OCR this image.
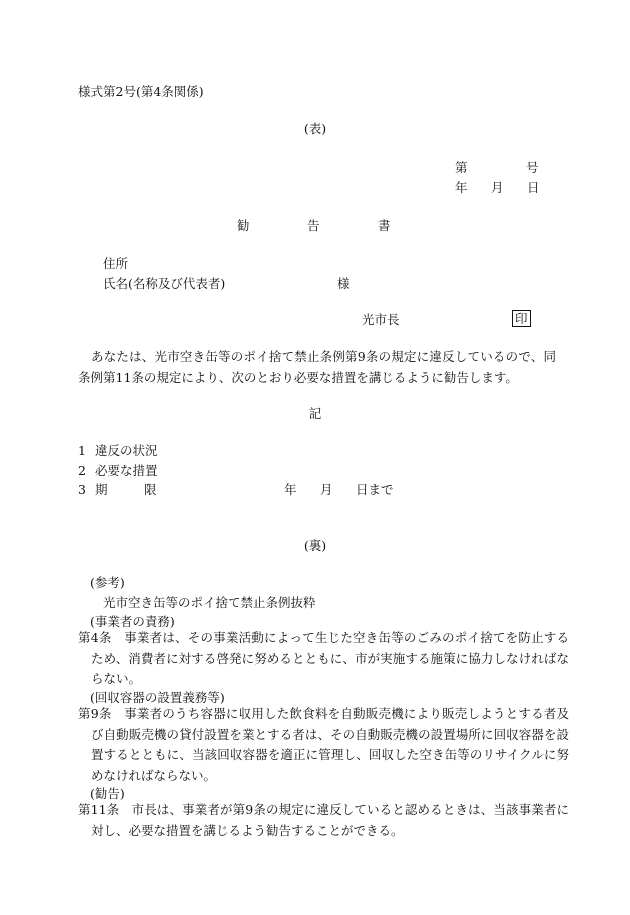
様式第2号(第4条関係)
(表)
第	号
年 月 日
勧	告	書
住所
氏名(名称及び代表者)	様
光市長	印
あなたは、光市空き缶等のポイ捨て禁止条例第9条の規定に違反しているので、同条例第11条の規定により、次のとおり必要な措置を講じるように勧告します。
記
1 違反の状況
2 必要な措置
3 期	限	年 月 日まで
(裏)
(参考)
光市空き缶等のポイ捨て禁止条例抜粋
(事業者の責務)
第4条 事業者は、その事業活動によって生じた空き缶等のごみのポイ捨てを防止するため、消費者に対する啓発に努めるとともに、市が実施する施策に協力しなければならない。
(回収容器の設置義務等)
第9条 事業者のうち容器に収用した飲食料を自動販売機により販売しようとする者及び自動販売機の貸付設置を業とする者は、その自動販売機の設置場所に回収容器を設置するとともに、当該回収容器を適正に管理し、回収した空き缶等のリサイクルに努めなければならない。
(勧告)
第11条 市長は、事業者が第9条の規定に違反していると認めるときは、当該事業者に対し、必要な措置を講じるよう勧告することができる。
